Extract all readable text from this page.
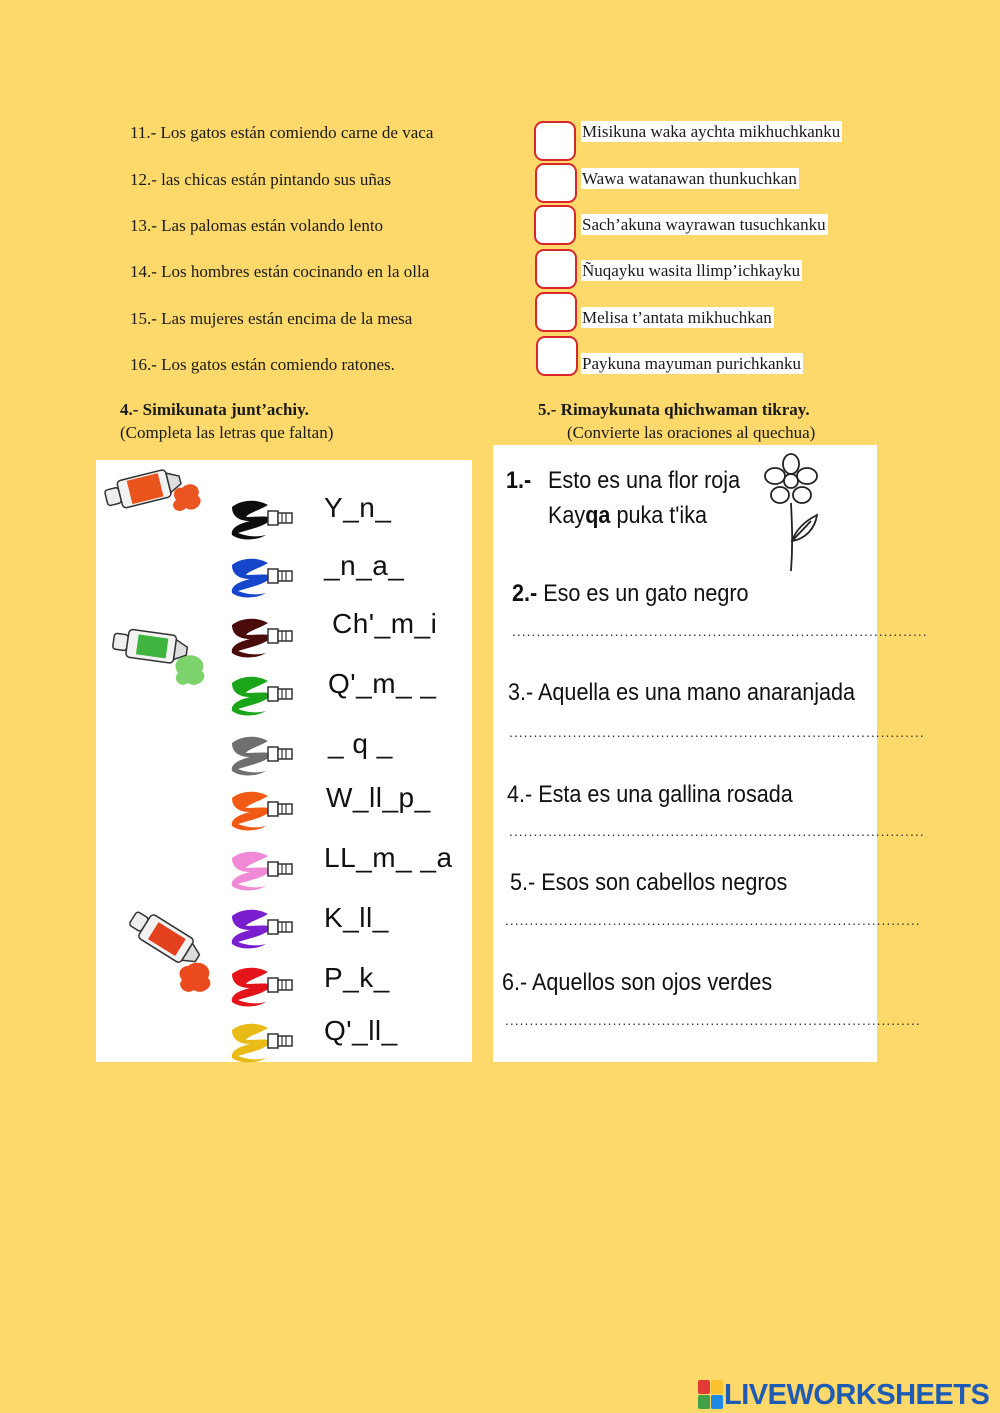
11.- Los gatos están comiendo carne de vaca
12.- las chicas están pintando sus uñas
13.- Las palomas están volando lento
14.- Los hombres están cocinando en la olla
15.- Las mujeres están encima de la mesa
16.- Los gatos están comiendo ratones.
Misikuna waka aychta mikhuchkanku
Wawa watanawan thunkuchkan
Sach’akuna wayrawan tusuchkanku
Ñuqayku wasita llimp’ichkayku
Melisa t’antata mikhuchkan
Paykuna mayuman purichkanku
4.- Simikunata junt’achiy.
(Completa las letras que faltan)
5.- Rimaykunata qhichwaman tikray.
(Convierte las oraciones al quechua)
Y_n_
_n_a_
Ch'_m_i
Q'_m_ _
_ q _
W_ll_p_
LL_m_ _a
K_ll_
P_k_
Q'_ll_
1.- Esto es una flor roja
Kayqa puka t'ika
2.- Eso es un gato negro
.....................................................................................
3.- Aquella es una mano anaranjada
.....................................................................................
4.- Esta es una gallina rosada
.....................................................................................
5.- Esos son cabellos negros
.....................................................................................
6.- Aquellos son ojos verdes
.....................................................................................
LIVEWORKSHEETS
